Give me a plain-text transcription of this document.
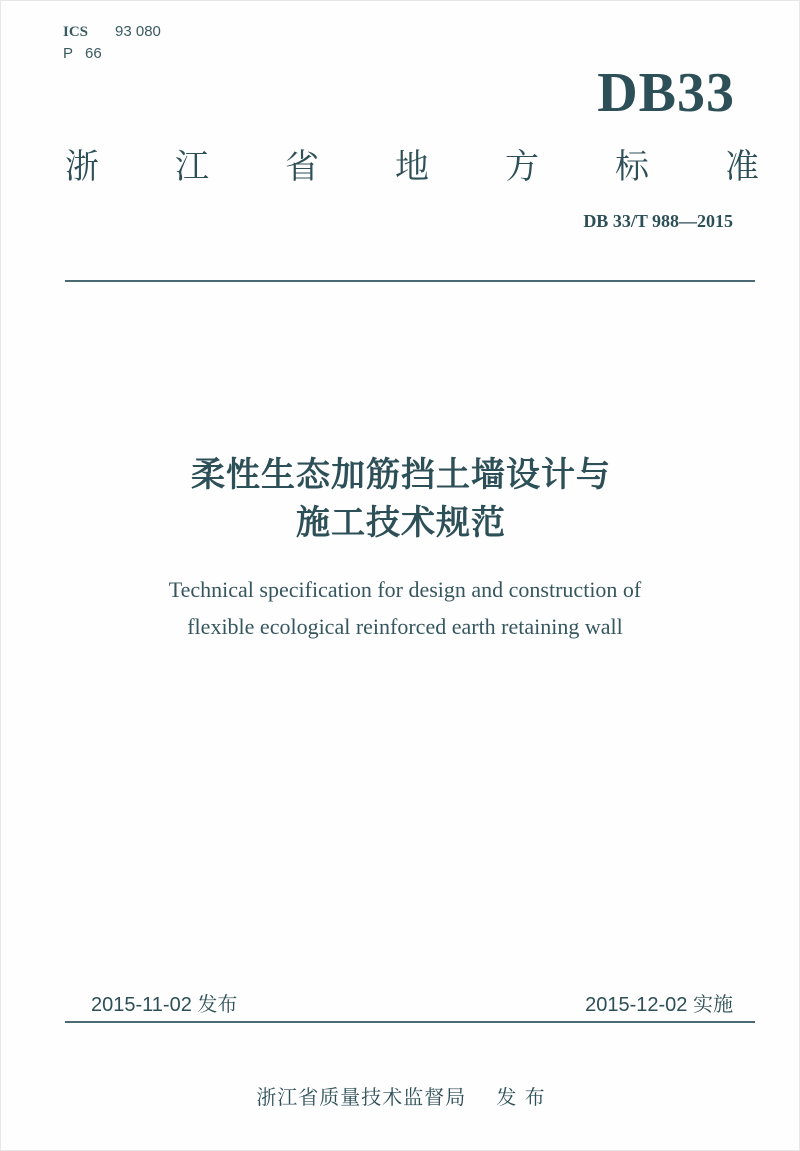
ICS 93 080
P 66
DB33
浙 江 省 地 方 标 准
DB 33/T 988—2015
柔性生态加筋挡土墙设计与
施工技术规范
Technical specification for design and construction of
flexible ecological reinforced earth retaining wall
2015-11-02 发布	2015-12-02 实施
浙江省质量技术监督局 发 布
